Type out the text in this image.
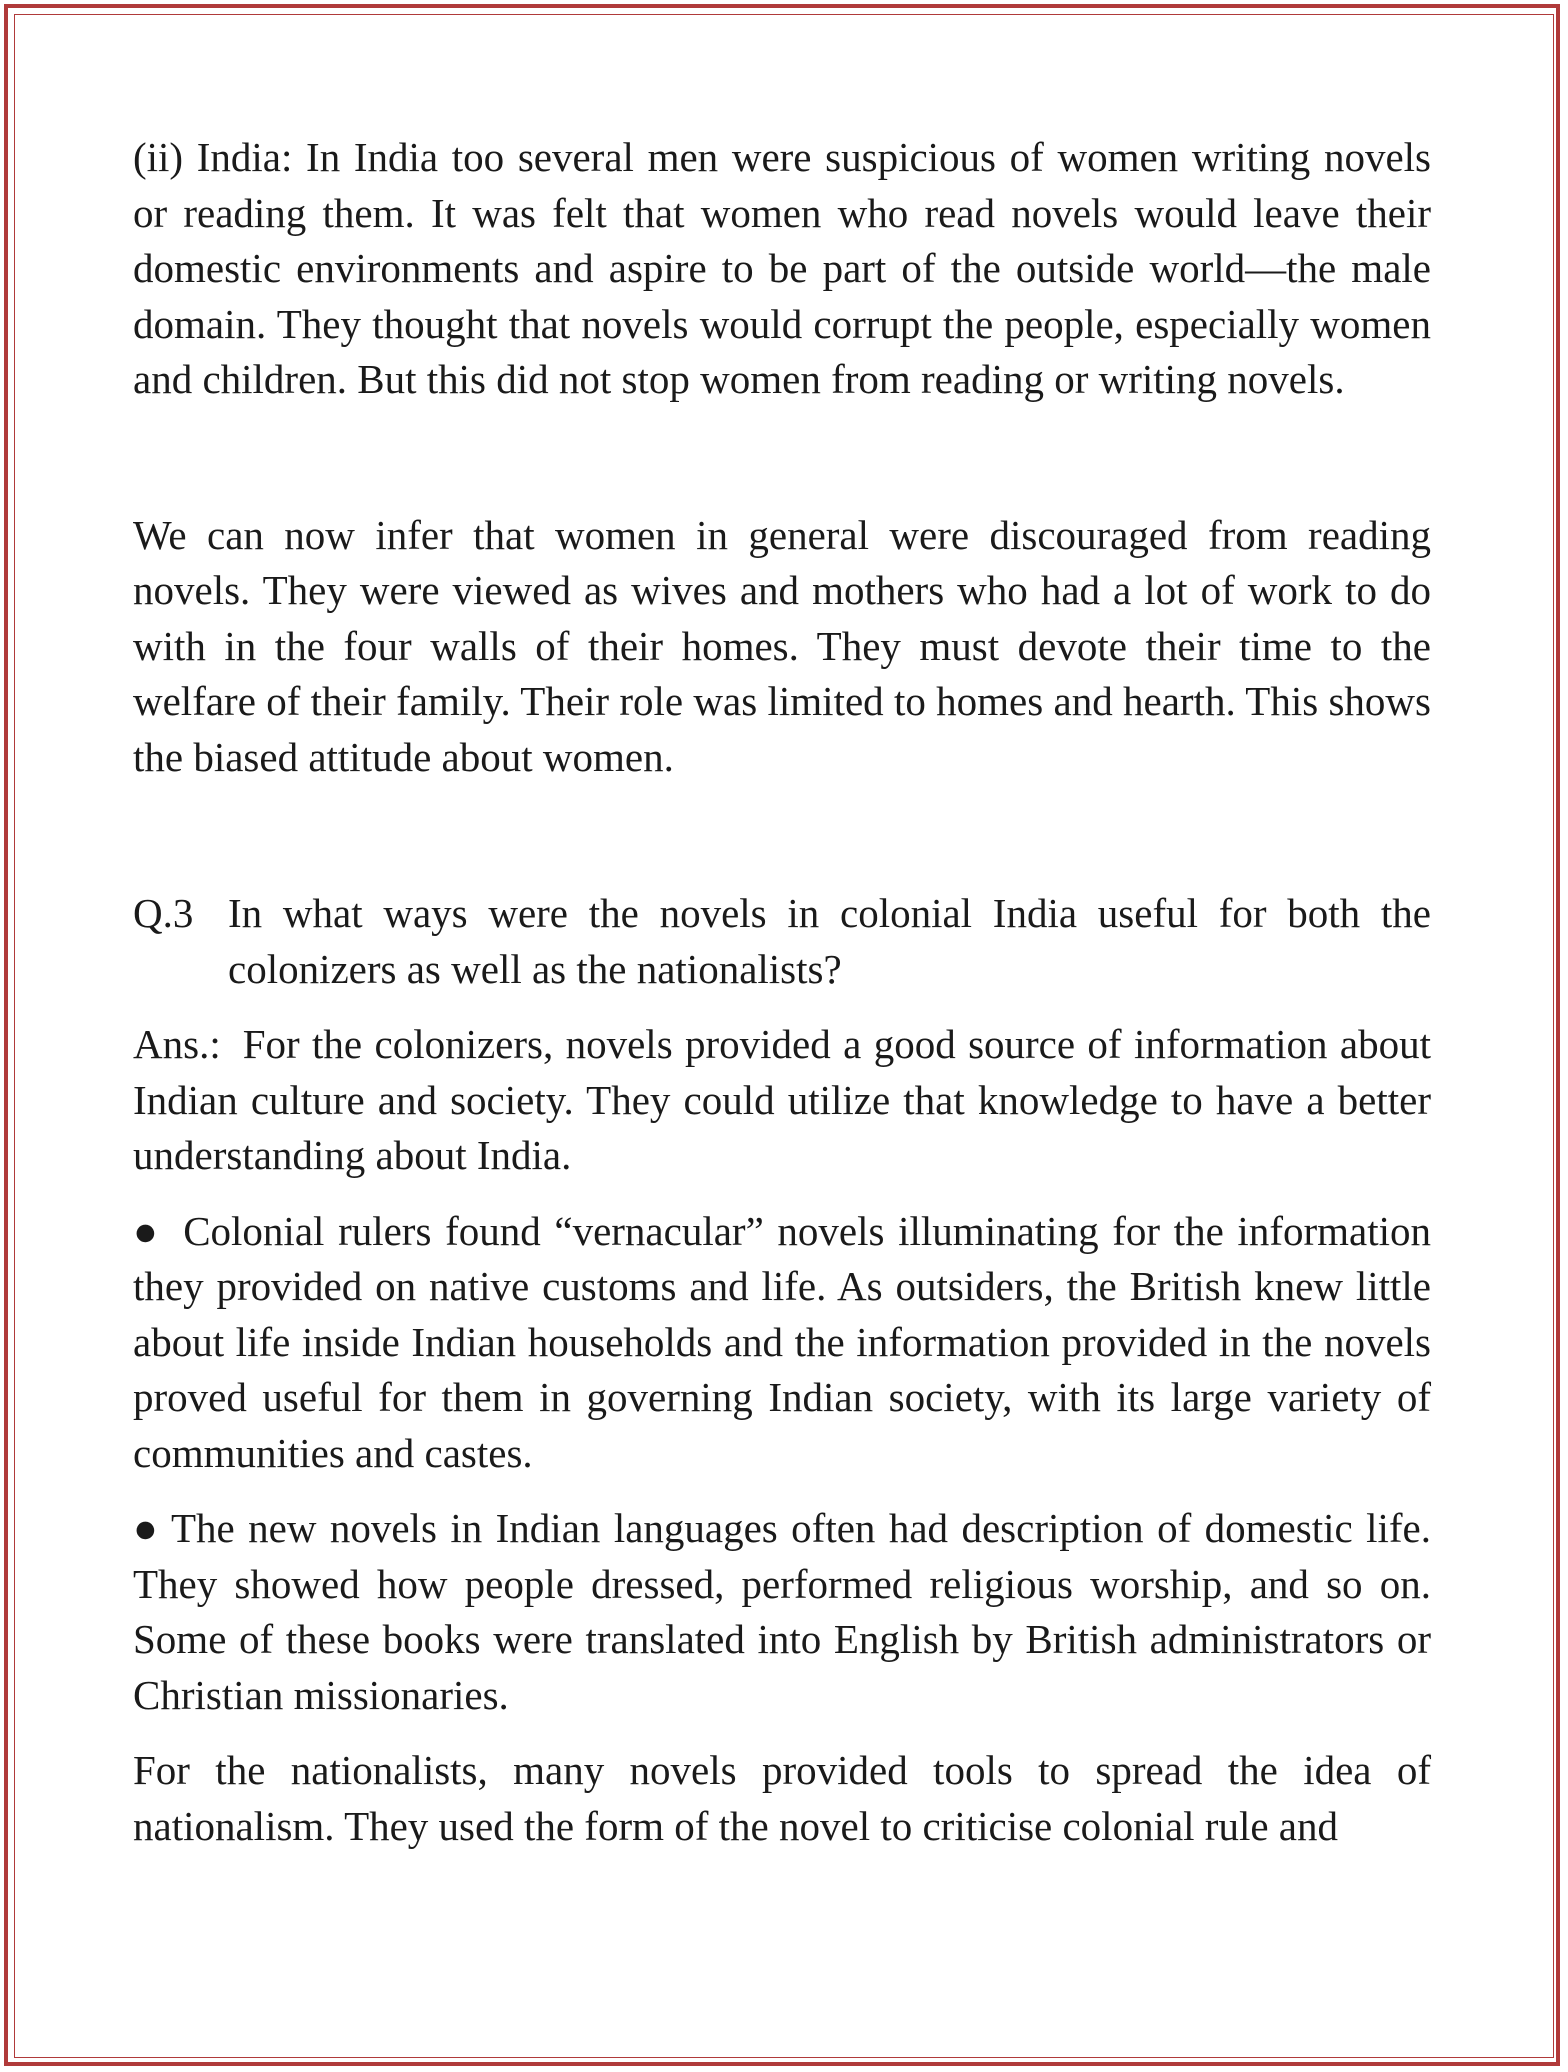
(ii) India: In India too several men were suspicious of women writing novels or reading them. It was felt that women who read novels would leave their domestic environments and aspire to be part of the outside world—the male domain. They thought that novels would corrupt the people, especially women and children. But this did not stop women from reading or writing novels.

We can now infer that women in general were discouraged from reading novels. They were viewed as wives and mothers who had a lot of work to do with in the four walls of their homes. They must devote their time to the welfare of their family. Their role was limited to homes and hearth. This shows the biased attitude about women.

Q.3 In what ways were the novels in colonial India useful for both the colonizers as well as the nationalists?

Ans.: For the colonizers, novels provided a good source of information about Indian culture and society. They could utilize that knowledge to have a better understanding about India.

● Colonial rulers found “vernacular” novels illuminating for the information they provided on native customs and life. As outsiders, the British knew little about life inside Indian households and the information provided in the novels proved useful for them in governing Indian society, with its large variety of communities and castes.

● The new novels in Indian languages often had description of domestic life. They showed how people dressed, performed religious worship, and so on. Some of these books were translated into English by British administrators or Christian missionaries.

For the nationalists, many novels provided tools to spread the idea of nationalism. They used the form of the novel to criticise colonial rule and
